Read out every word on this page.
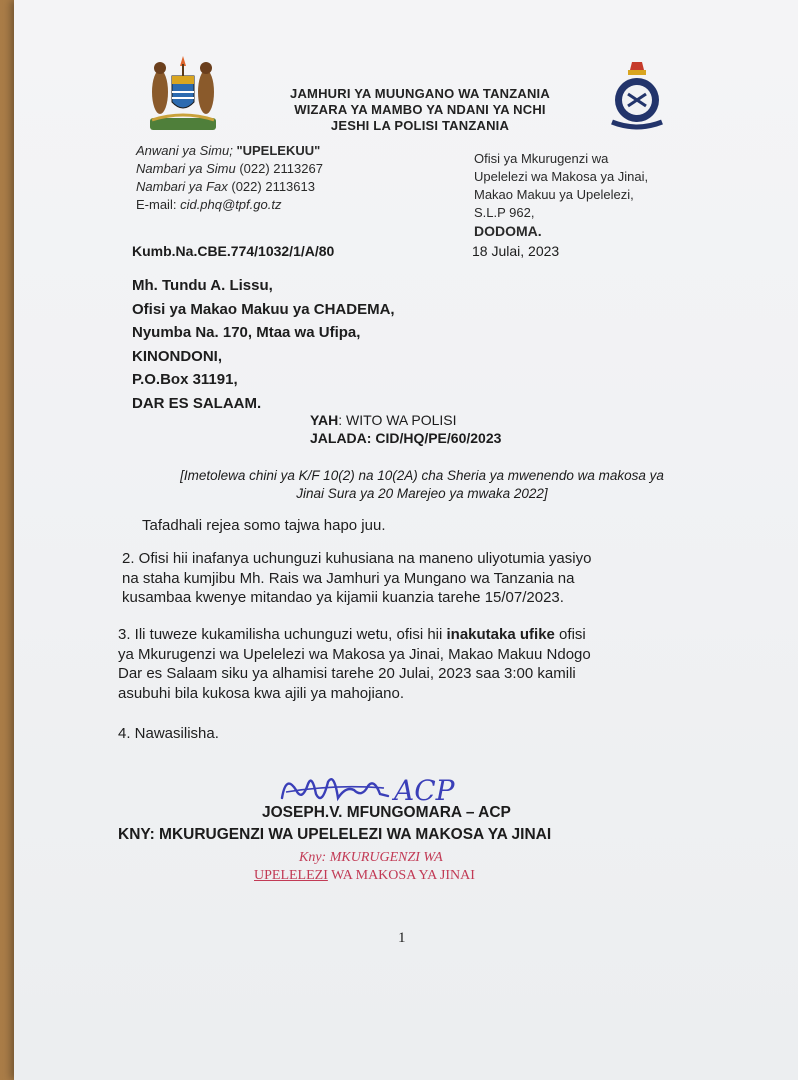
JAMHURI YA MUUNGANO WA TANZANIA
WIZARA YA MAMBO YA NDANI YA NCHI
JESHI LA POLISI TANZANIA
Anwani ya Simu; "UPELEKUU"
Nambari ya Simu (022) 2113267
Nambari ya Fax (022) 2113613
E-mail: cid.phq@tpf.go.tz
Ofisi ya Mkurugenzi wa
Upelelezi wa Makosa ya Jinai,
Makao Makuu ya Upelelezi,
S.L.P 962,
DODOMA.
Kumb.Na.CBE.774/1032/1/A/80	18 Julai, 2023
Mh. Tundu A. Lissu,
Ofisi ya Makao Makuu ya CHADEMA,
Nyumba Na. 170, Mtaa wa Ufipa,
KINONDONI,
P.O.Box 31191,
DAR ES SALAAM.
YAH: WITO WA POLISI
JALADA: CID/HQ/PE/60/2023
[Imetolewa chini ya K/F 10(2) na 10(2A) cha Sheria ya mwenendo wa makosa ya
Jinai Sura ya 20 Marejeo ya mwaka 2022]
Tafadhali rejea somo tajwa hapo juu.
2. Ofisi hii inafanya uchunguzi kuhusiana na maneno uliyotumia yasiyo
na staha kumjibu Mh. Rais wa Jamhuri ya Mungano wa Tanzania na
kusambaa kwenye mitandao ya kijamii kuanzia tarehe 15/07/2023.
3. Ili tuweze kukamilisha uchunguzi wetu, ofisi hii inakutaka ufike ofisi
ya Mkurugenzi wa Upelelezi wa Makosa ya Jinai, Makao Makuu Ndogo
Dar es Salaam siku ya alhamisi tarehe 20 Julai, 2023 saa 3:00 kamili
asubuhi bila kukosa kwa ajili ya mahojiano.
4. Nawasilisha.
ACP
JOSEPH.V. MFUNGOMARA – ACP
KNY: MKURUGENZI WA UPELELEZI WA MAKOSA YA JINAI
Kny: MKURUGENZI WA
UPELELEZI WA MAKOSA YA JINAI
1
